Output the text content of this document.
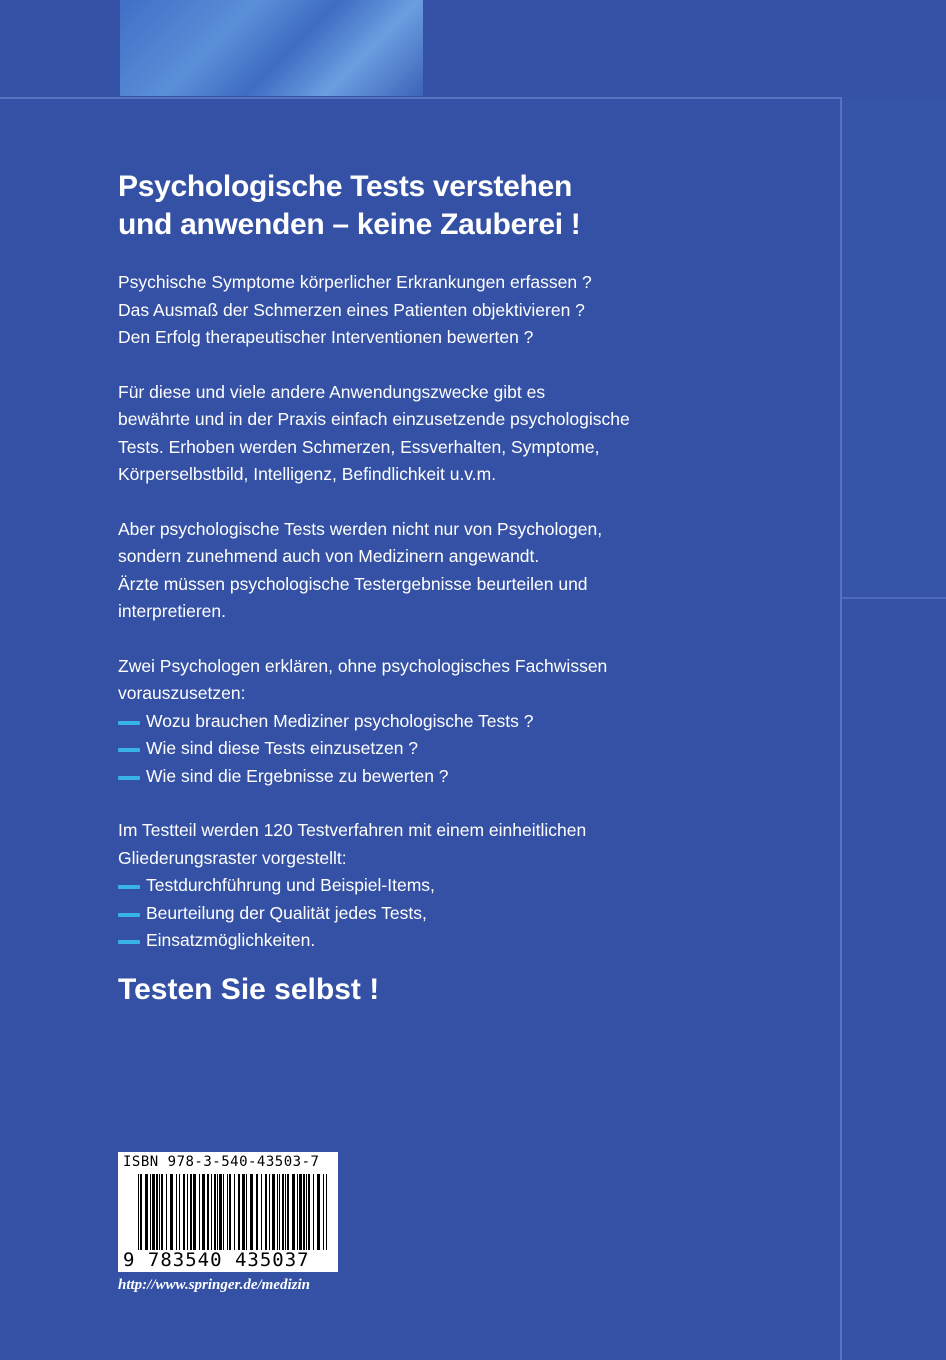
Psychologische Tests verstehen
und anwenden – keine Zauberei !

Psychische Symptome körperlicher Erkrankungen erfassen ?
Das Ausmaß der Schmerzen eines Patienten objektivieren ?
Den Erfolg therapeutischer Interventionen bewerten ?

Für diese und viele andere Anwendungszwecke gibt es
bewährte und in der Praxis einfach einzusetzende psychologische
Tests. Erhoben werden Schmerzen, Essverhalten, Symptome,
Körperselbstbild, Intelligenz, Befindlichkeit u.v.m.

Aber psychologische Tests werden nicht nur von Psychologen,
sondern zunehmend auch von Medizinern angewandt.
Ärzte müssen psychologische Testergebnisse beurteilen und
interpretieren.

Zwei Psychologen erklären, ohne psychologisches Fachwissen
vorauszusetzen:
Wozu brauchen Mediziner psychologische Tests ?
Wie sind diese Tests einzusetzen ?
Wie sind die Ergebnisse zu bewerten ?

Im Testteil werden 120 Testverfahren mit einem einheitlichen
Gliederungsraster vorgestellt:
Testdurchführung und Beispiel-Items,
Beurteilung der Qualität jedes Tests,
Einsatzmöglichkeiten.

Testen Sie selbst !

ISBN 978-3-540-43503-7
9 783540 435037
http://www.springer.de/medizin
